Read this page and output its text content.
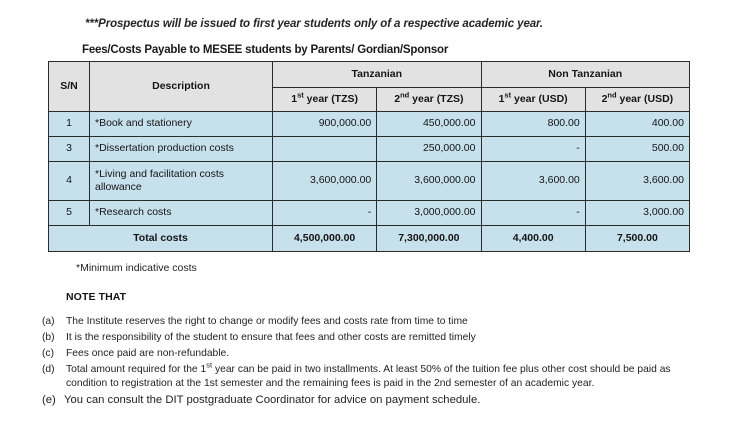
***Prospectus will be issued to first year students only of a respective academic year.
Fees/Costs Payable to MESEE students by Parents/ Gordian/Sponsor
S/N	Description	Tanzanian		Non Tanzanian	
		1st year (TZS)	2nd year (TZS)	1st year (USD)	2nd year (USD)
1	*Book and stationery	900,000.00	450,000.00	800.00	400.00
3	*Dissertation production costs		250,000.00	-	500.00
4	*Living and facilitation costs allowance	3,600,000.00	3,600,000.00	3,600.00	3,600.00
5	*Research costs	-	3,000,000.00	-	3,000.00
Total costs		4,500,000.00	7,300,000.00	4,400.00	7,500.00
*Minimum indicative costs
NOTE THAT
(a)	The Institute reserves the right to change or modify fees and costs rate from time to time
(b)	It is the responsibility of the student to ensure that fees and other costs are remitted timely
(c)	Fees once paid are non-refundable.
(d)	Total amount required for the 1st year can be paid in two installments. At least 50% of the tuition fee plus other cost should be paid as condition to registration at the 1st semester and the remaining fees is paid in the 2nd semester of an academic year.
(e) You can consult the DIT postgraduate Coordinator for advice on payment schedule.
